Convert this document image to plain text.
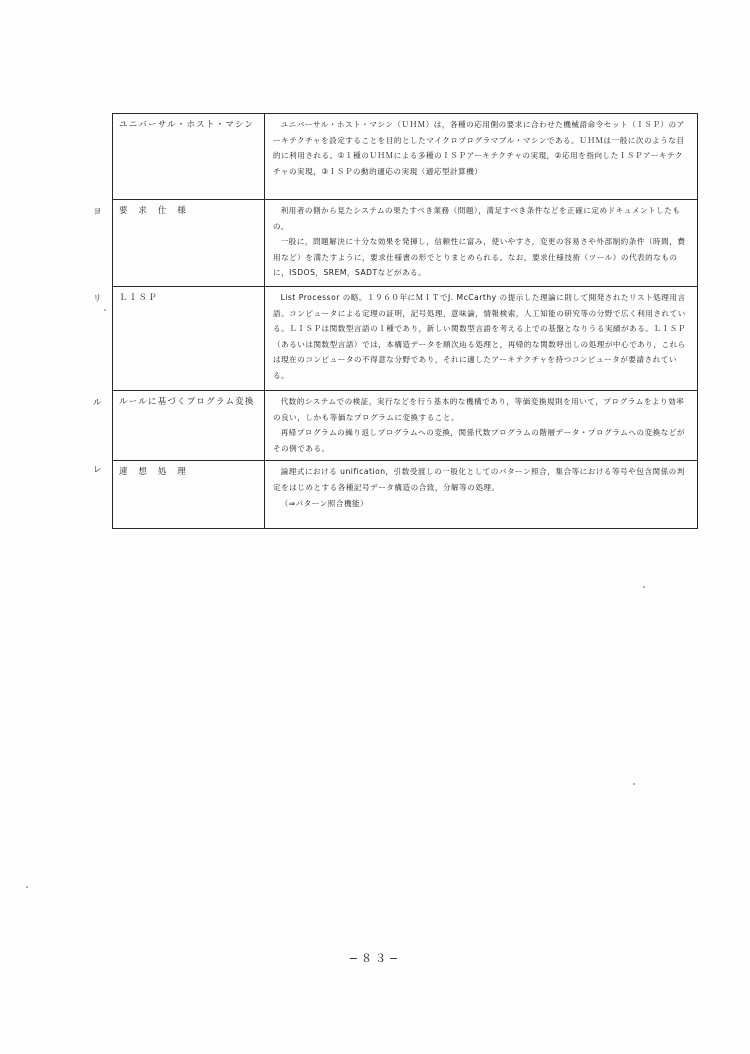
ユニバーサル・ホスト・マシン	ユニバーサル・ホスト・マシン（ＵＨＭ）は，各種の応用側の要求に合わせた機械語命令セット（ＩＳＰ）のアーキテクチャを設定することを目的としたマイクロプログラマブル・マシンである。ＵＨＭは一般に次のような目的に利用される。①１種のＵＨＭによる多種のＩＳＰアーキテクチャの実現，②応用を指向したＩＳＰアーキテクチャの実現，③ＩＳＰの動的適応の実現（適応型計算機）

要　求　仕　様	利用者の側から見たシステムの果たすべき業務（問題），満足すべき条件などを正確に定めドキュメントしたもの。

一般に，問題解決に十分な効果を発揮し，信頼性に富み，使いやすさ，変更の容易さや外部制約条件（時間，費用など）を満たすように，要求仕様書の形でとりまとめられる。なお，要求仕様技術（ツール）の代表的なものに，ISDOS，SREM，SADTなどがある。

ＬＩＳＰ	List Processor の略。１９６０年にＭＩＴでJ. McCarthy の提示した理論に則して開発されたリスト処理用言語。コンピュータによる定理の証明，記号処理，意味論，情報検索，人工知能の研究等の分野で広く利用されている。ＬＩＳＰは関数型言語の１種であり，新しい関数型言語を考える上での基盤となりうる実績がある。ＬＩＳＰ（あるいは関数型言語）では，本構造データを順次辿る処理と，再帰的な関数呼出しの処理が中心であり，これらは現在のコンピュータの不得意な分野であり，それに適したアーキテクチャを持つコンピュータが要請されている。

ルールに基づくプログラム変換	代数的システムでの検証，実行などを行う基本的な機構であり，等価変換規則を用いて，プログラムをより効率の良い，しかも等価なプログラムに変換すること。

再帰プログラムの繰り返しプログラムへの変換，関係代数プログラムの階層データ・プログラムへの変換などがその例である。

連　想　処　理	論理式における unification，引数受渡しの一般化としてのパターン照合，集合等における等号や包含関係の判定をはじめとする各種記号データ構造の合致，分解等の処理。

（⇒パターン照合機能）

ヨ
リ
ル
レ
−８３−
